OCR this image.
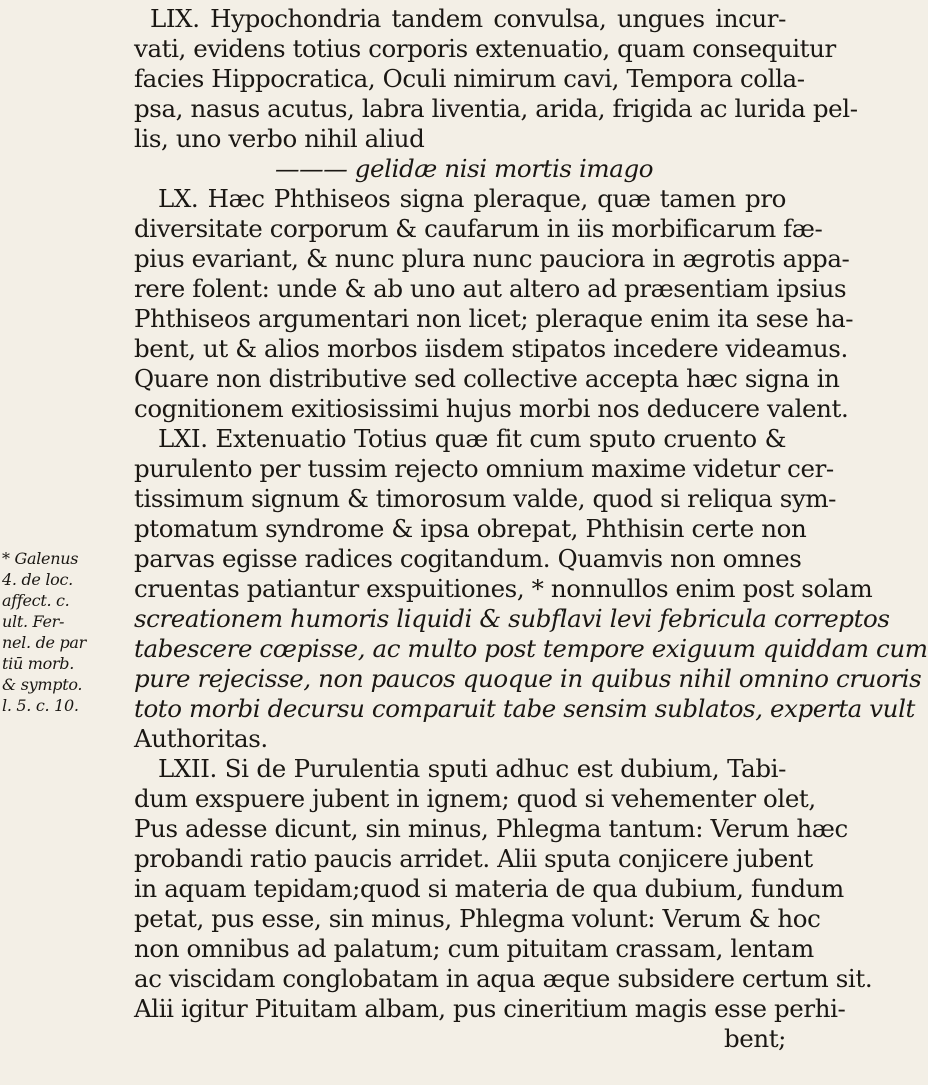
LIX. Hypochondria tandem convulsa, ungues incur-
vati, evidens totius corporis extenuatio, quam consequitur
facies Hippocratica, Oculi nimirum cavi, Tempora colla-
psa, nasus acutus, labra liventia, arida, frigida ac lurida pel-
lis, uno verbo nihil aliud
——— gelidæ nisi mortis imago
LX. Hæc Phthiseos signa pleraque, quæ tamen pro
diversitate corporum & caufarum in iis morbificarum fæ-
pius evariant, & nunc plura nunc pauciora in ægrotis appa-
rere folent: unde & ab uno aut altero ad præsentiam ipsius
Phthiseos argumentari non licet; pleraque enim ita sese ha-
bent, ut & alios morbos iisdem stipatos incedere videamus.
Quare non distributive sed collective accepta hæc signa in
cognitionem exitiosissimi hujus morbi nos deducere valent.
LXI. Extenuatio Totius quæ fit cum sputo cruento &
purulento per tussim rejecto omnium maxime videtur cer-
tissimum signum & timorosum valde, quod si reliqua sym-
ptomatum syndrome & ipsa obrepat, Phthisin certe non
parvas egisse radices cogitandum. Quamvis non omnes
cruentas patiantur exspuitiones, * nonnullos enim post solam
screationem humoris liquidi & subflavi levi febricula correptos
tabescere cœpisse, ac multo post tempore exiguum quiddam cum
pure rejecisse, non paucos quoque in quibus nihil omnino cruoris
toto morbi decursu comparuit tabe sensim sublatos, experta vult
Authoritas.
LXII. Si de Purulentia sputi adhuc est dubium, Tabi-
dum exspuere jubent in ignem; quod si vehementer olet,
Pus adesse dicunt, sin minus, Phlegma tantum: Verum hæc
probandi ratio paucis arridet. Alii sputa conjicere jubent
in aquam tepidam;quod si materia de qua dubium, fundum
petat, pus esse, sin minus, Phlegma volunt: Verum & hoc
non omnibus ad palatum; cum pituitam crassam, lentam
ac viscidam conglobatam in aqua æque subsidere certum sit.
Alii igitur Pituitam albam, pus cineritium magis esse perhi-
bent;
* Galenus
4. de loc.
affect. c.
ult. Fer-
nel. de par
tiū morb.
& sympto.
l. 5. c. 10.
